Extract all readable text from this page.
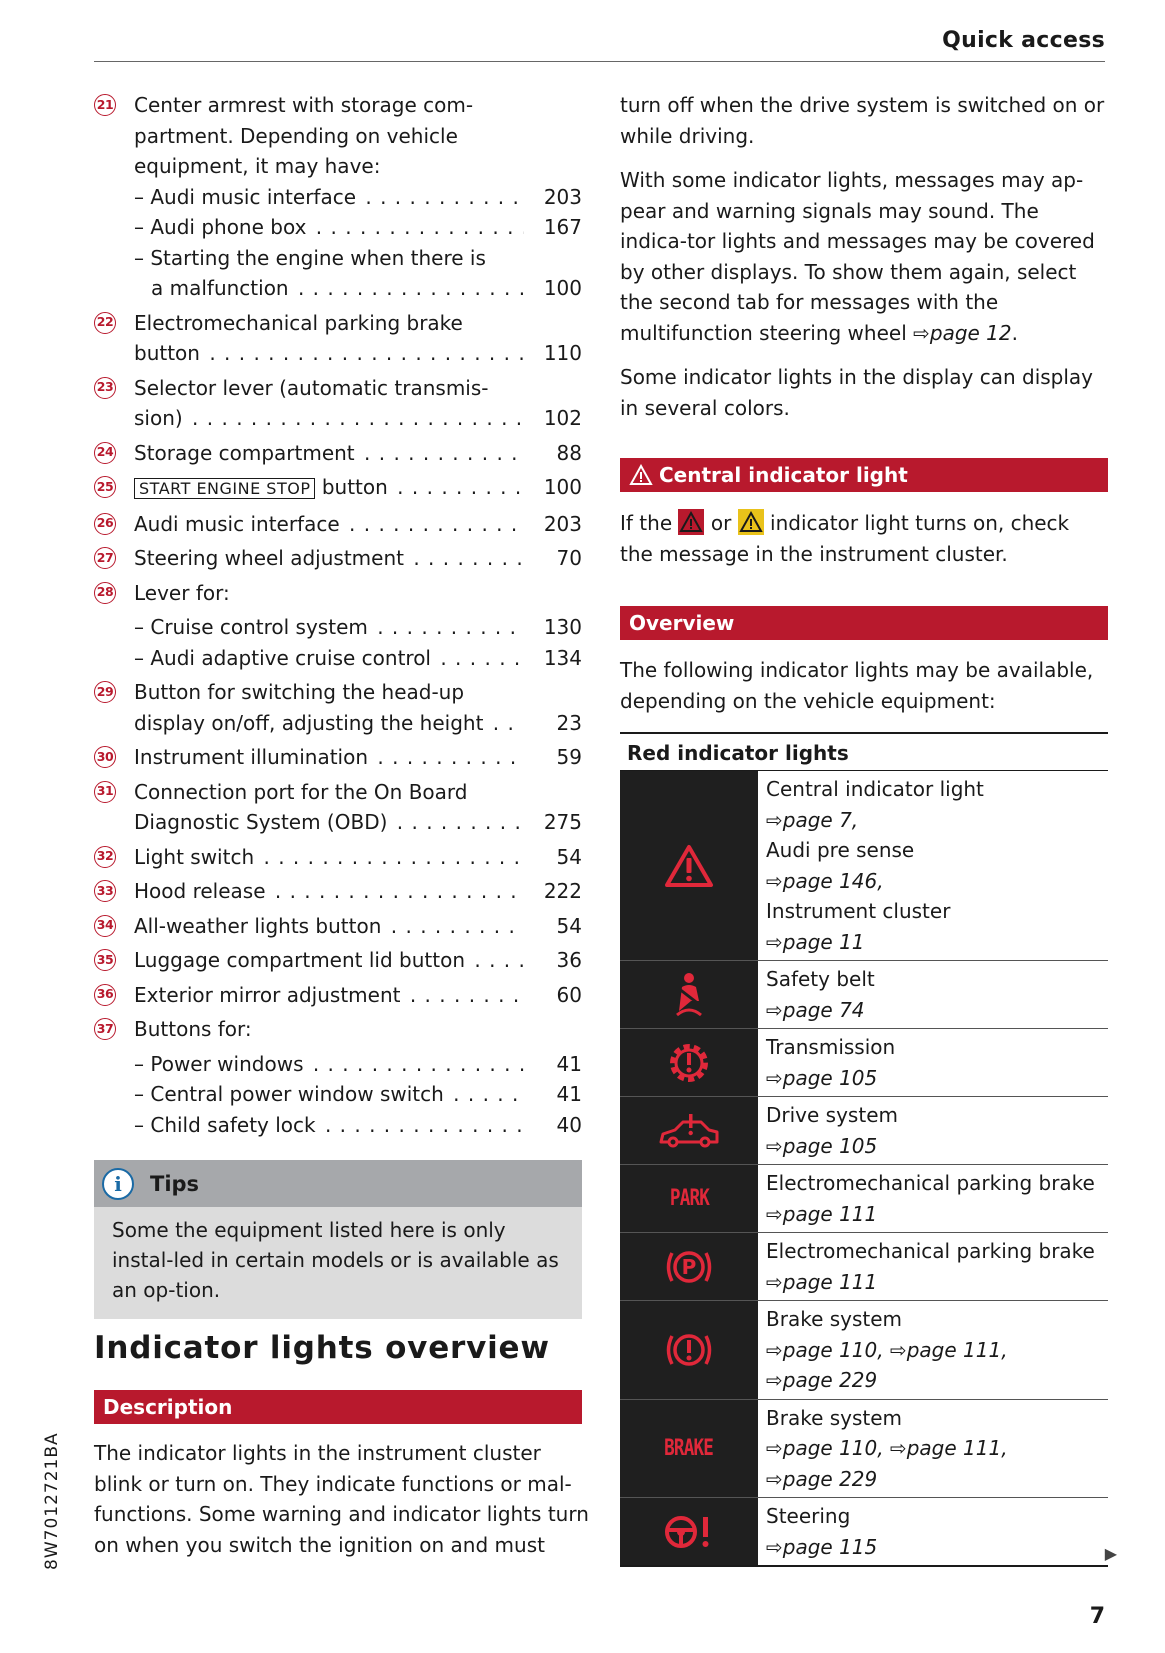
Quick access
21	Center armrest with storage com-
partment. Depending on vehicle
equipment, it may have:
– Audi music interface . . .	203
– Audi phone box . . .	167
– Starting the engine when there is
a malfunction . . .	100
22	Electromechanical parking brake
button . . .	110
23	Selector lever (automatic transmis-
sion) . . .	102
24 Storage compartment . . .	88
25	START ENGINE STOP button . . .	100
26 Audi music interface . . .	203
27 Steering wheel adjustment . . .	70
28 Lever for:
– Cruise control system . . .	130
– Audi adaptive cruise control . . .	134
29	Button for switching the head-up
display on/off, adjusting the height . . .	23
30 Instrument illumination . . .	59
31	Connection port for the On Board
Diagnostic System (OBD) . . .	275
32 Light switch . . .	54
33 Hood release . . .	222
34 All-weather lights button . . .	54
35 Luggage compartment lid button . . .	36
36 Exterior mirror adjustment . . .	60
37 Buttons for:
– Power windows . . .	41
– Central power window switch . . .	41
– Child safety lock . . .	40
i	Tips
Some the equipment listed here is only instal-led in certain models or is available as an op-tion.
Indicator lights overview
Description
The indicator lights in the instrument cluster blink or turn on. They indicate functions or mal-functions. Some warning and indicator lights turn on when you switch the ignition on and must
turn off when the drive system is switched on or while driving.
With some indicator lights, messages may ap-pear and warning signals may sound. The indica-tor lights and messages may be covered by other displays. To show them again, select the second tab for messages with the multifunction steering wheel ⇨page 12.
Some indicator lights in the display can display in several colors.
Central indicator light
If the or indicator light turns on, check the message in the instrument cluster.
Overview
The following indicator lights may be available, depending on the vehicle equipment:
Red indicator lights
Central indicator light
⇨page 7,
Audi pre sense
⇨page 146,
Instrument cluster
⇨page 11
Safety belt
⇨page 74
Transmission
⇨page 105
Drive system
⇨page 105
PARK
Electromechanical parking brake
⇨page 111
P
Electromechanical parking brake
⇨page 111
Brake system
⇨page 110, ⇨page 111,
⇨page 229
BRAKE
Brake system
⇨page 110, ⇨page 111,
⇨page 229
Steering
⇨page 115	▶
8W7012721BA
7
